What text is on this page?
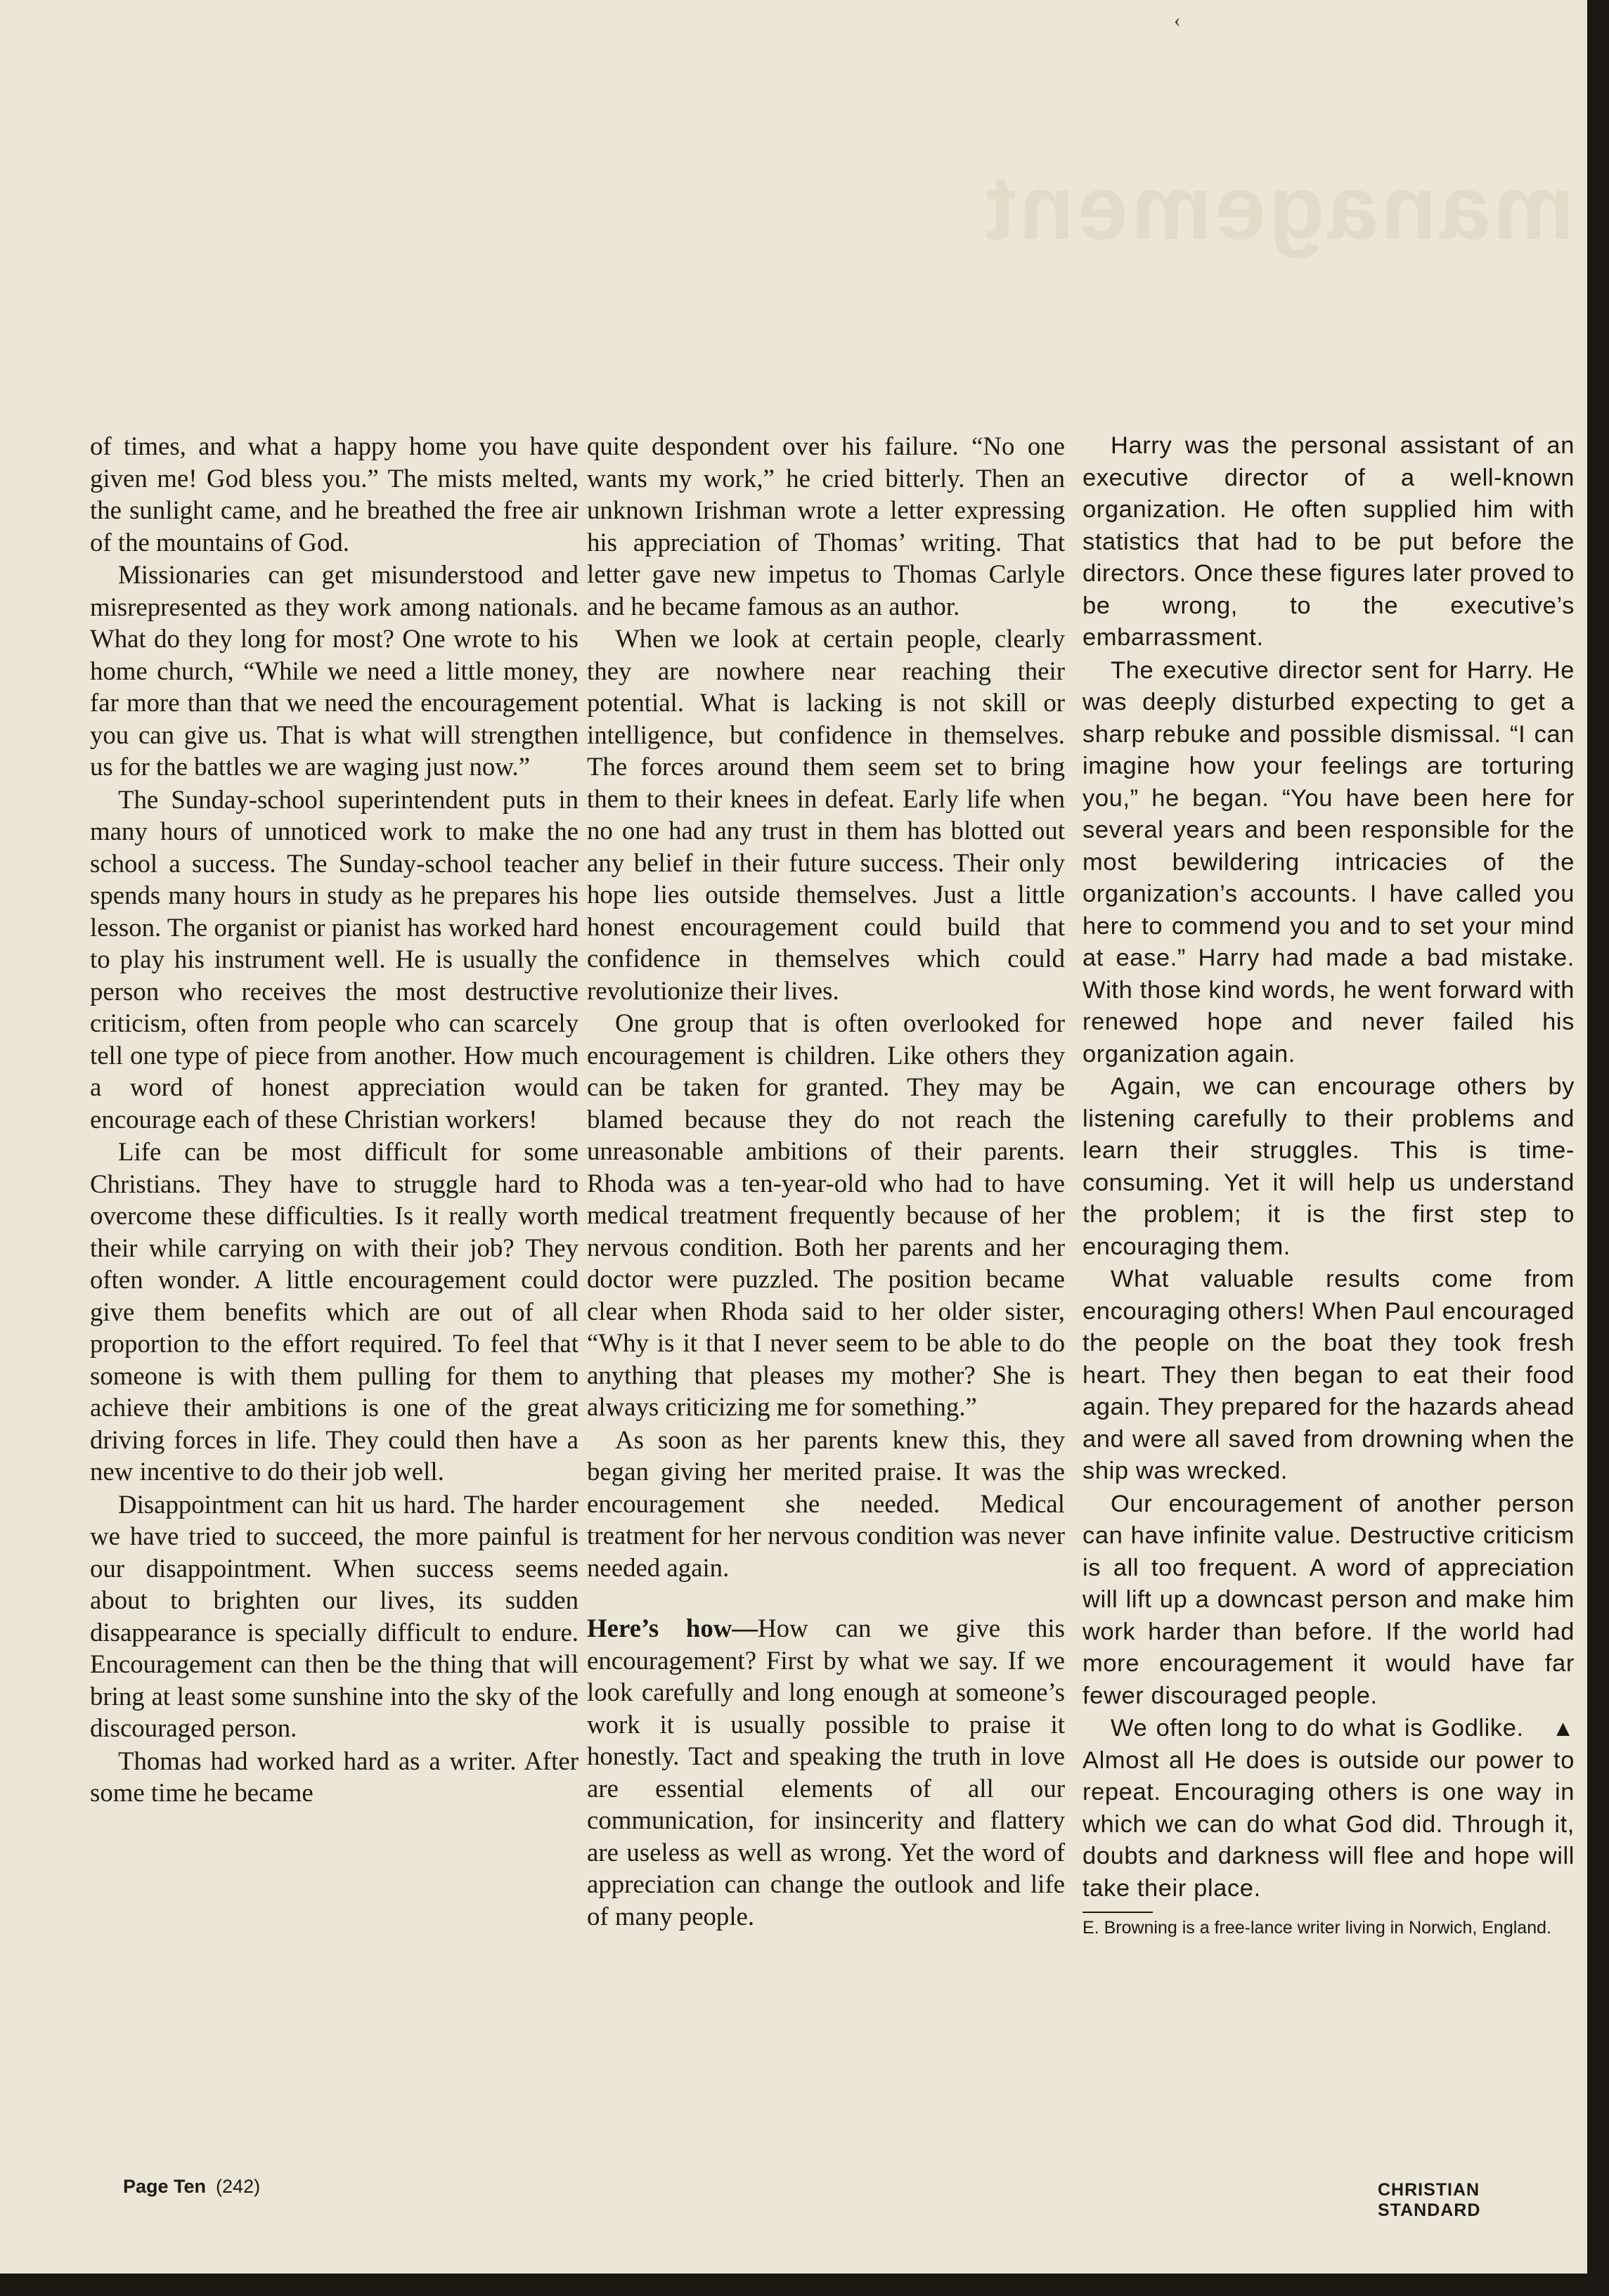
‹
management

of times, and what a happy home you have given me! God bless you.” The mists melted, the sunlight came, and he breathed the free air of the mountains of God.

Missionaries can get misunderstood and misrepresented as they work among nationals. What do they long for most? One wrote to his home church, “While we need a little money, far more than that we need the encouragement you can give us. That is what will strengthen us for the battles we are waging just now.”

The Sunday-school superintendent puts in many hours of unnoticed work to make the school a success. The Sunday-school teacher spends many hours in study as he prepares his lesson. The organist or pianist has worked hard to play his instrument well. He is usually the person who receives the most destructive criticism, often from people who can scarcely tell one type of piece from another. How much a word of honest appreciation would encourage each of these Christian workers!

Life can be most difficult for some Christians. They have to struggle hard to overcome these difficulties. Is it really worth their while carrying on with their job? They often wonder. A little encouragement could give them benefits which are out of all proportion to the effort required. To feel that someone is with them pulling for them to achieve their ambitions is one of the great driving forces in life. They could then have a new incentive to do their job well.

Disappointment can hit us hard. The harder we have tried to succeed, the more painful is our disappointment. When success seems about to brighten our lives, its sudden disappearance is specially difficult to endure. Encouragement can then be the thing that will bring at least some sunshine into the sky of the discouraged person.

Thomas had worked hard as a writer. After some time he became

quite despondent over his failure. “No one wants my work,” he cried bitterly. Then an unknown Irishman wrote a letter expressing his appreciation of Thomas’ writing. That letter gave new impetus to Thomas Carlyle and he became famous as an author.

When we look at certain people, clearly they are nowhere near reaching their potential. What is lacking is not skill or intelligence, but confidence in themselves. The forces around them seem set to bring them to their knees in defeat. Early life when no one had any trust in them has blotted out any belief in their future success. Their only hope lies outside themselves. Just a little honest encouragement could build that confidence in themselves which could revolutionize their lives.

One group that is often overlooked for encouragement is children. Like others they can be taken for granted. They may be blamed because they do not reach the unreasonable ambitions of their parents. Rhoda was a ten-year-old who had to have medical treatment frequently because of her nervous condition. Both her parents and her doctor were puzzled. The position became clear when Rhoda said to her older sister, “Why is it that I never seem to be able to do anything that pleases my mother? She is always criticizing me for something.”

As soon as her parents knew this, they began giving her merited praise. It was the encouragement she needed. Medical treatment for her nervous condition was never needed again.

Here’s how—How can we give this encouragement? First by what we say. If we look carefully and long enough at someone’s work it is usually possible to praise it honestly. Tact and speaking the truth in love are essential elements of all our communication, for insincerity and flattery are useless as well as wrong. Yet the word of appreciation can change the outlook and life of many people.

Harry was the personal assistant of an executive director of a well-known organization. He often supplied him with statistics that had to be put before the directors. Once these figures later proved to be wrong, to the executive’s embarrassment.

The executive director sent for Harry. He was deeply disturbed expecting to get a sharp rebuke and possible dismissal. “I can imagine how your feelings are torturing you,” he began. “You have been here for several years and been responsible for the most bewildering intricacies of the organization’s accounts. I have called you here to commend you and to set your mind at ease.” Harry had made a bad mistake. With those kind words, he went forward with renewed hope and never failed his organization again.

Again, we can encourage others by listening carefully to their problems and learn their struggles. This is time-consuming. Yet it will help us understand the problem; it is the first step to encouraging them.

What valuable results come from encouraging others! When Paul encouraged the people on the boat they took fresh heart. They then began to eat their food again. They prepared for the hazards ahead and were all saved from drowning when the ship was wrecked.

Our encouragement of another person can have infinite value. Destructive criticism is all too frequent. A word of appreciation will lift up a downcast person and make him work harder than before. If the world had more encouragement it would have far fewer discouraged people.

▲
We often long to do what is Godlike. Almost all He does is outside our power to repeat. Encouraging others is one way in which we can do what God did. Through it, doubts and darkness will flee and hope will take their place.

E. Browning is a free-lance writer living in Norwich, England.

Page Ten (242)	CHRISTIAN STANDARD
